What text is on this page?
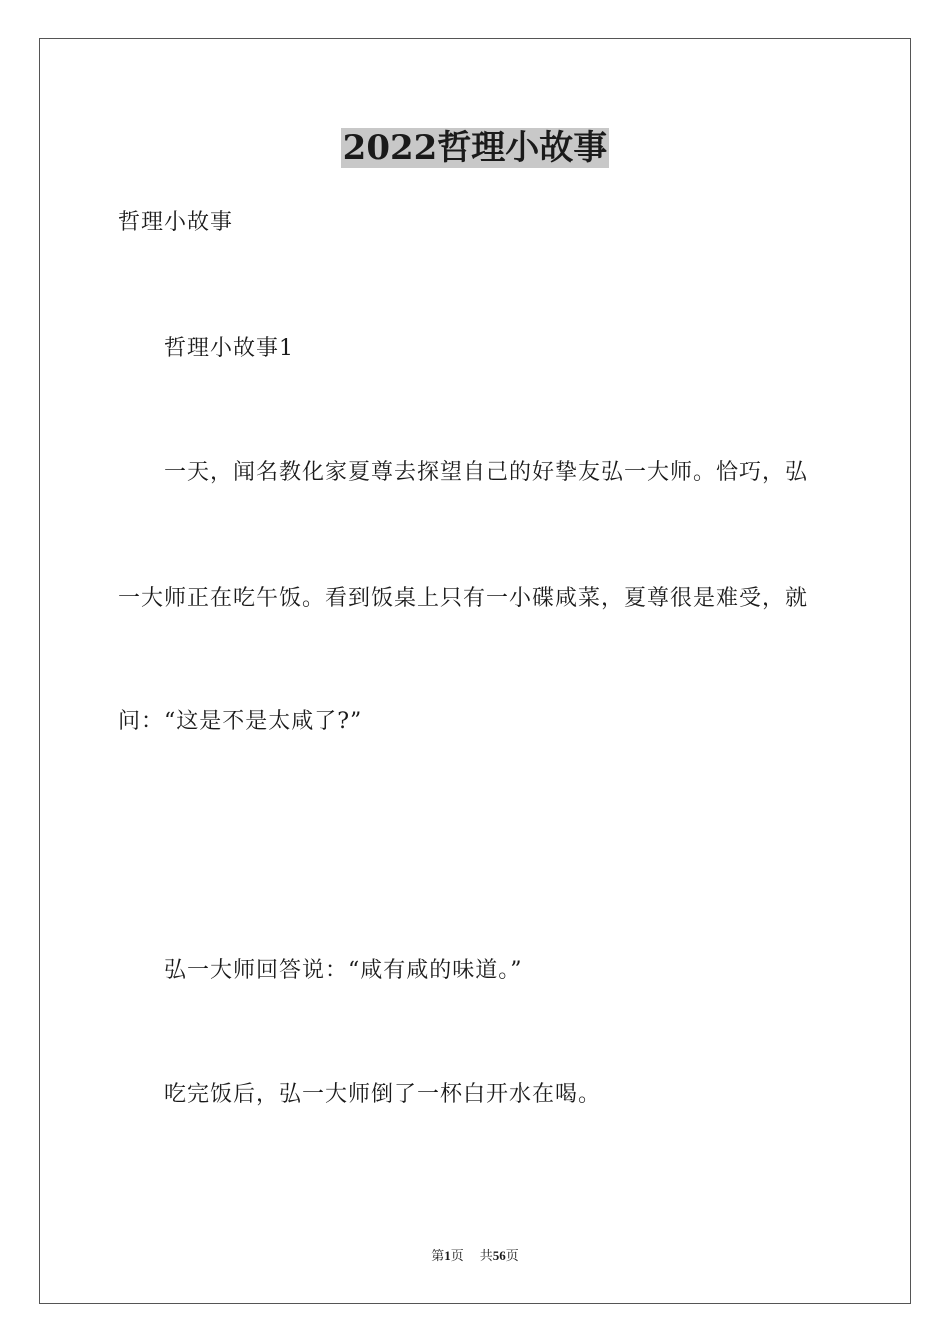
2022哲理小故事
哲理小故事
哲理小故事1
一天，闻名教化家夏尊去探望自己的好挚友弘一大师。恰巧，弘
一大师正在吃午饭。看到饭桌上只有一小碟咸菜，夏尊很是难受，就
问：“这是不是太咸了?”
弘一大师回答说：“咸有咸的味道。”
吃完饭后，弘一大师倒了一杯白开水在喝。
第1页 共56页
